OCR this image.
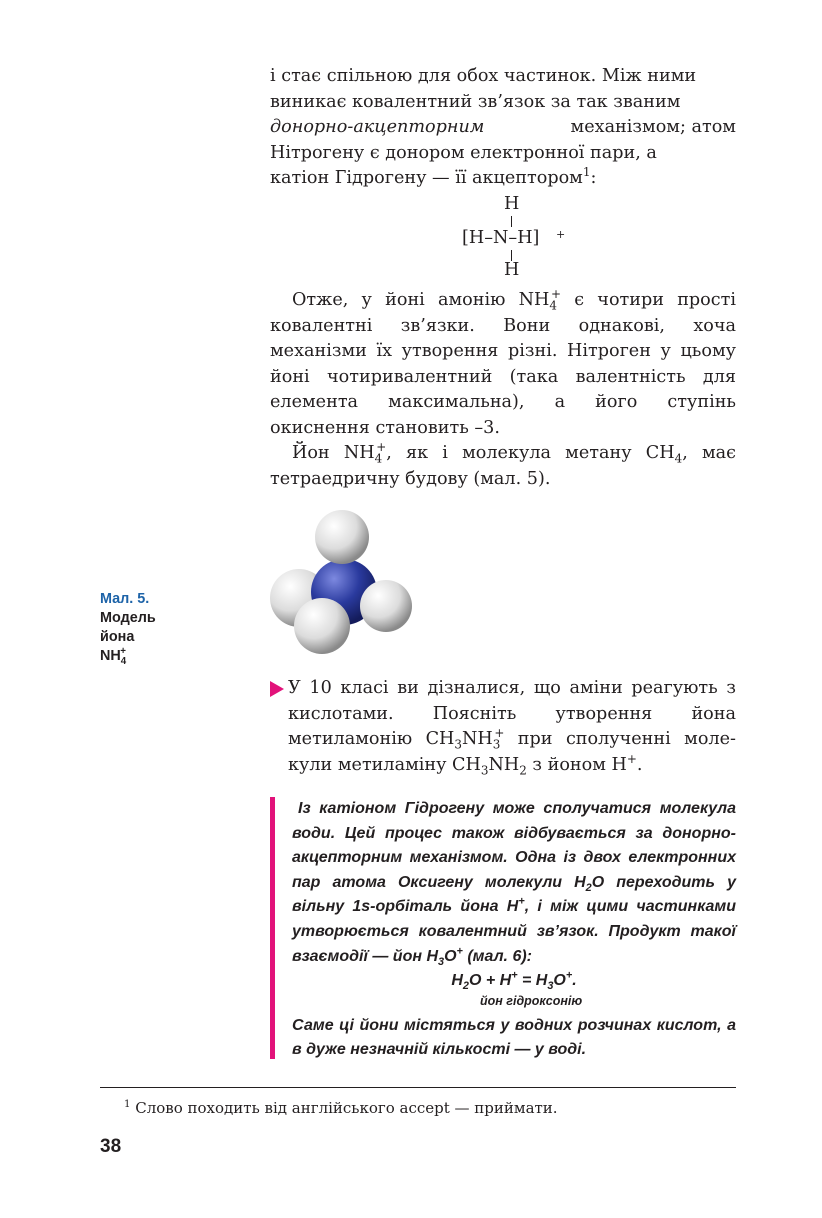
і стає спільною для обох частинок. Між ними
виникає ковалентний зв’язок за так званим

донорно-акцепторним	механізмом; атом
Нітрогену є донором електронної пари, а
катіон Гідрогену — її акцептором$^1$:

H
[H–N–H] +
H

Отже, у йоні амонію $NH_4^+$ є чотири прості ковалентні зв’язки. Вони однакові, хоча механізми їх утворення різні. Нітроген у цьому йоні чотиривалентний (така валентність для елемента максимальна), а його ступінь окиснення становить –3.

Йон $NH_4^+$, як і молекула метану $CH_4$, має тетраедричну будову (мал. 5).

Мал. 5.
Модель
йона $NH_4^+$

У 10 класі ви дізналися, що аміни реагують з кислотами. Поясніть утворення йона метиламонію $CH_3NH_3^+$ при сполученні молекули метиламіну $CH_3NH_2$ з йоном H+.

Із катіоном Гідрогену може сполучатися молекула води. Цей процес також відбувається за донорно-акцепторним механізмом. Одна із двох електронних пар атома Оксигену молекули $H_2O$ переходить у вільну 1s-орбіталь йона H+, і між цими частинками утворюється ковалентний зв’язок. Продукт такої взаємодії — йон $H_3O^+$ (мал. 6):
$H_2O + H^+ = H_3O^+$.
йон гідроксонію
Саме ці йони містяться у водних розчинах кислот, а в дуже незначній кількості — у воді.
$^1$ Слово походить від англійського accept — приймати.
38
